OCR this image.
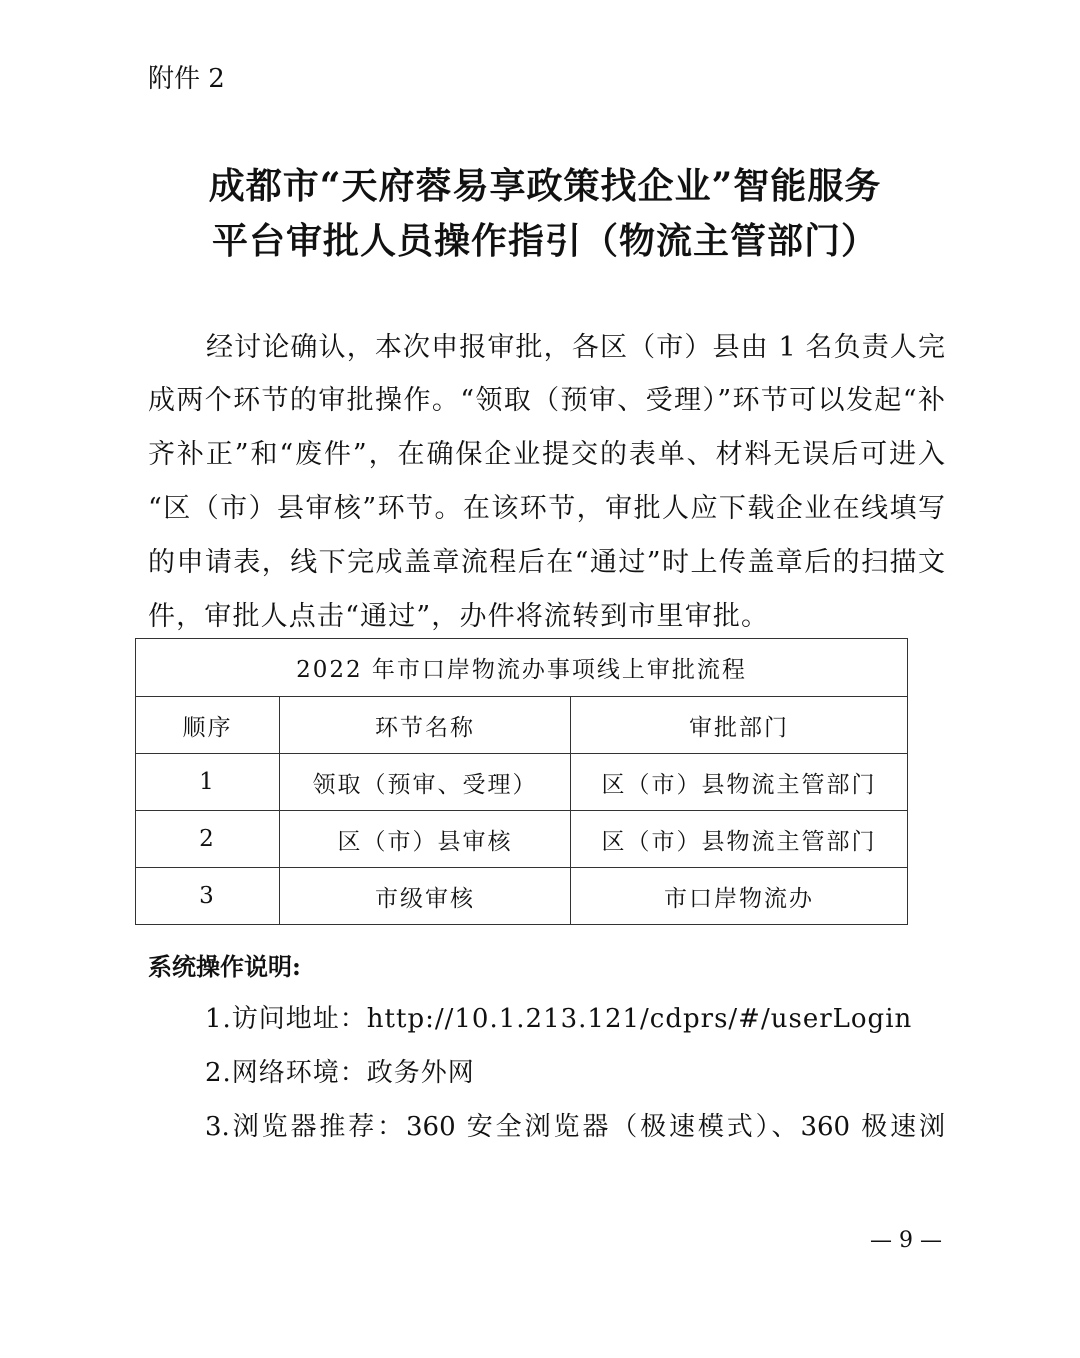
附件 2
成都市“天府蓉易享政策找企业”智能服务
平台审批人员操作指引（物流主管部门）
经讨论确认，本次申报审批，各区（市）县由 1 名负责人完
成两个环节的审批操作。“领取（预审、受理）”环节可以发起“补
齐补正”和“废件”，在确保企业提交的表单、材料无误后可进入
“区（市）县审核”环节。在该环节，审批人应下载企业在线填写
的申请表，线下完成盖章流程后在“通过”时上传盖章后的扫描文
件，审批人点击“通过”，办件将流转到市里审批。
2022 年市口岸物流办事项线上审批流程		
顺序	环节名称	审批部门
1	领取（预审、受理）	区（市）县物流主管部门
2	区（市）县审核	区（市）县物流主管部门
3	市级审核	市口岸物流办
系统操作说明:
1.访问地址：http://10.1.213.121/cdprs/#/userLogin
2.网络环境：政务外网
3.浏览器推荐：360 安全浏览器（极速模式）、360 极速浏
— 9 —
